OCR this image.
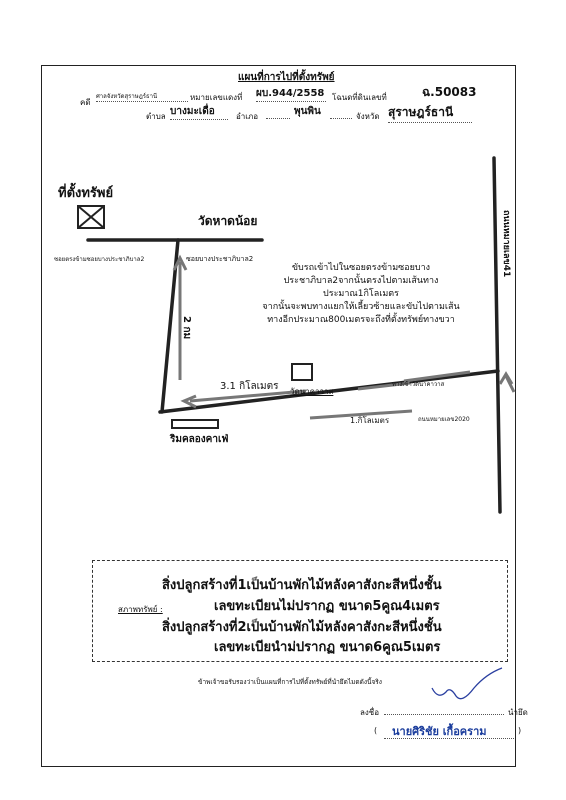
แผนที่การไปที่ตั้งทรัพย์
คดี
ศาลจังหวัดสุราษฎร์ธานี	หมายเลขแดงที่ ผบ.944/2558 โฉนดที่ดินเลขที่	ฉ.50083
ตำบล บางมะเดื่อ	อำเภอ	พุนพิน	จังหวัด สุราษฎร์ธานี
ที่ตั้งทรัพย์
วัดหาดน้อย
ซอยตรงข้ามซอยบางประชาภิบาล2	ซอยบางประชาภิบาล2
2 กม
ขับรถเข้าไปในซอยตรงข้ามซอยบาง
ประชาภิบาล2จากนั้นตรงไปตามเส้นทาง
ประมาณ1กิโลเมตร
จากนั้นจะพบทางแยกให้เลี้ยวซ้ายและขับไปตามเส้น
ทางอีกประมาณ800เมตรจะถึงที่ตั้งทรัพย์ทางขวา
3.1 กิโลเมตร วัดนาคาวาส
ทางเข้าวัดนาคาวาส
ถนนหมายเลข41
1.กิโลเมตร	ถนนหมายเลข2020
ริมคลองคาเฟ่
สภาพทรัพย์ :
สิ่งปลูกสร้างที่1เป็นบ้านพักไม้หลังคาสังกะสีหนึ่งชั้น
เลขทะเบียนไม่ปรากฏ ขนาด5คูณ4เมตร
สิ่งปลูกสร้างที่2เป็นบ้านพักไม้หลังคาสังกะสีหนึ่งชั้น
เลขทะเบียนำม่ปรากฏ ขนาด6คูณ5เมตร
ข้าพเจ้าขอรับรองว่าเป็นแผนที่การไปที่ตั้งทรัพย์ที่นำยึดไมดดังนี้จริง
ลงชื่อ	นำยึด
( นายศิริชัย เกื้อคราม	)
